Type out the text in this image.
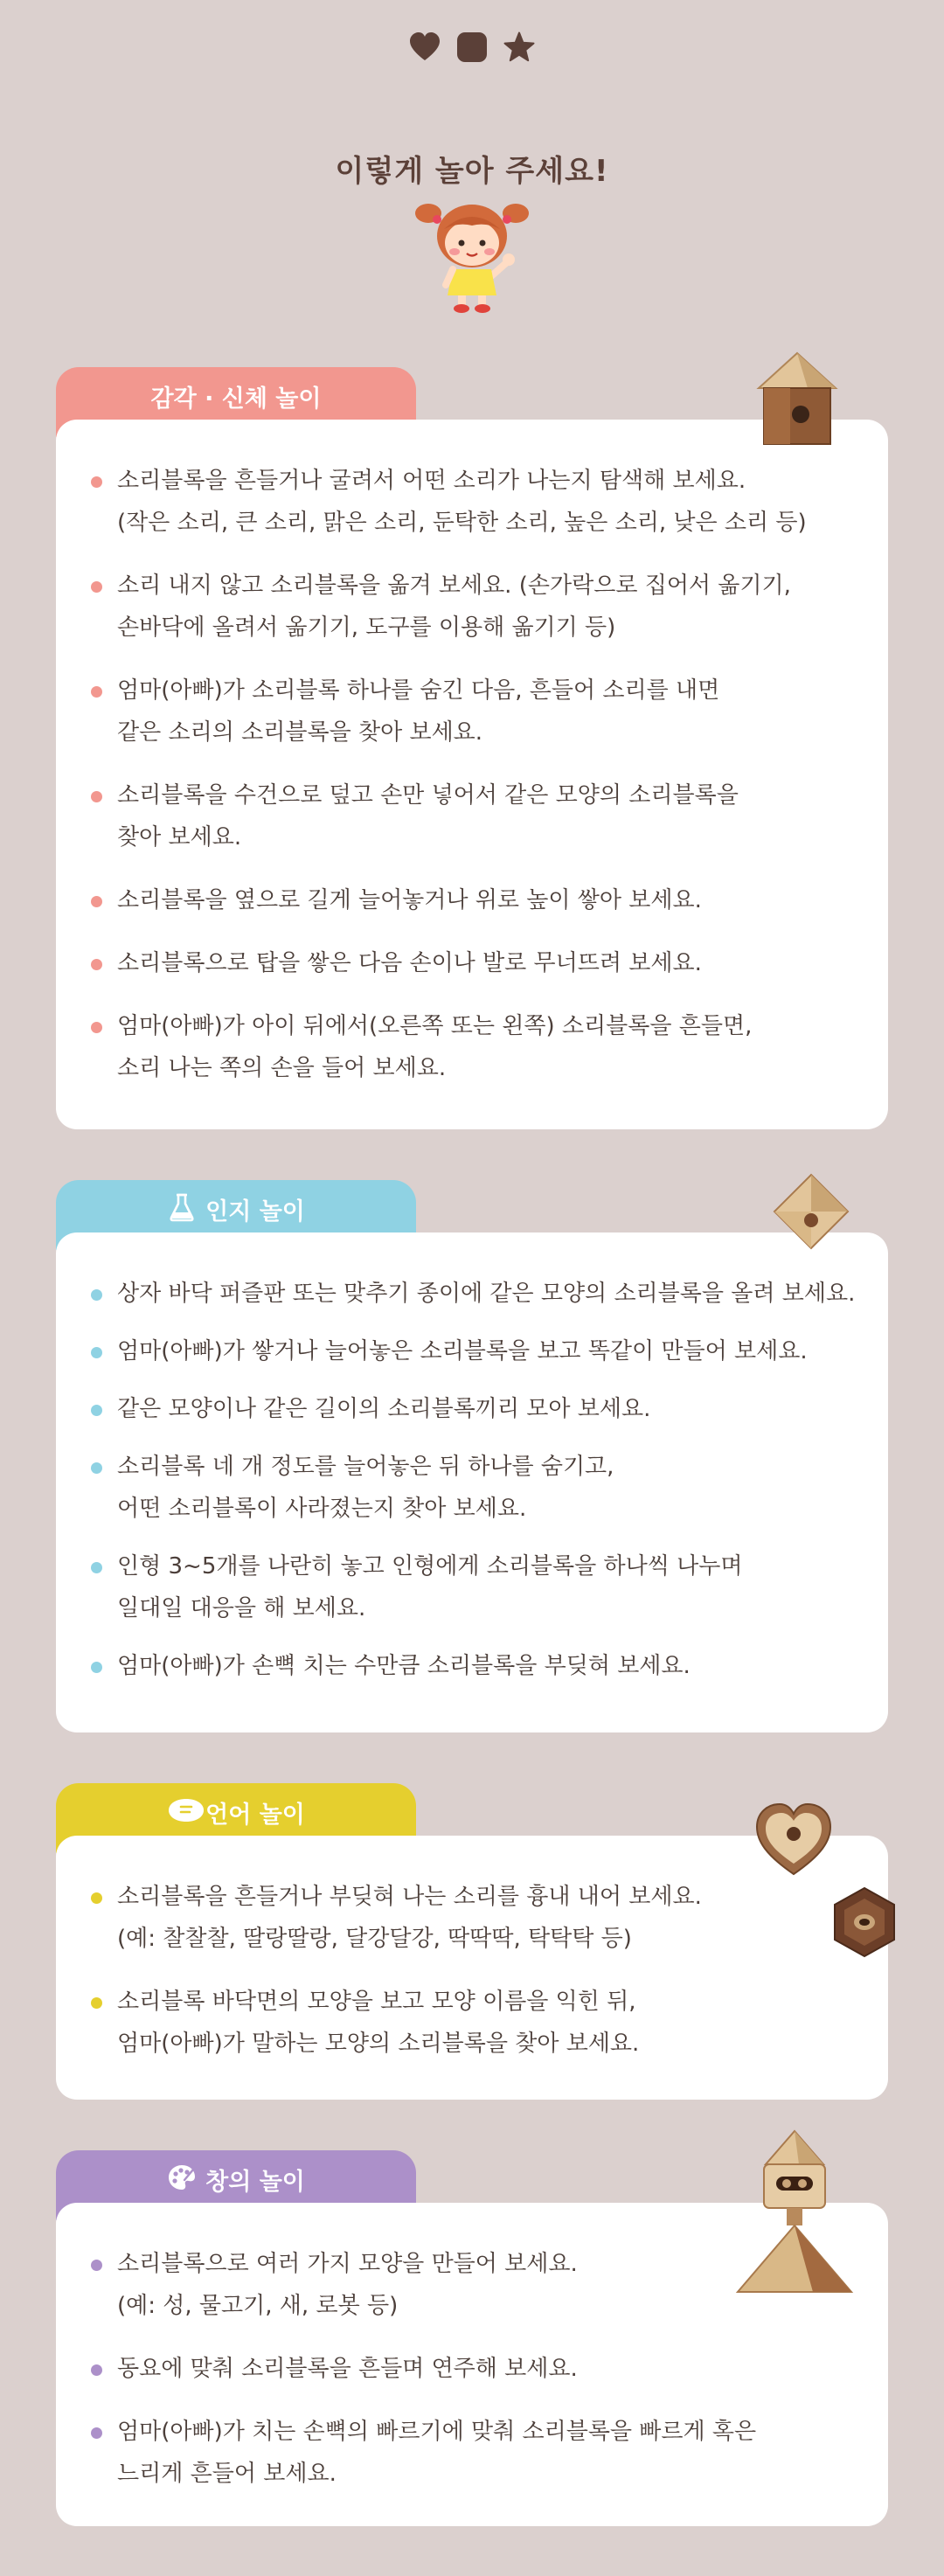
이렇게 놀아 주세요!
감각 · 신체 놀이
소리블록을 흔들거나 굴려서 어떤 소리가 나는지 탐색해 보세요.
(작은 소리, 큰 소리, 맑은 소리, 둔탁한 소리, 높은 소리, 낮은 소리 등)
소리 내지 않고 소리블록을 옮겨 보세요. (손가락으로 집어서 옮기기,
손바닥에 올려서 옮기기, 도구를 이용해 옮기기 등)
엄마(아빠)가 소리블록 하나를 숨긴 다음, 흔들어 소리를 내면
같은 소리의 소리블록을 찾아 보세요.
소리블록을 수건으로 덮고 손만 넣어서 같은 모양의 소리블록을
찾아 보세요.
소리블록을 옆으로 길게 늘어놓거나 위로 높이 쌓아 보세요.
소리블록으로 탑을 쌓은 다음 손이나 발로 무너뜨려 보세요.
엄마(아빠)가 아이 뒤에서(오른쪽 또는 왼쪽) 소리블록을 흔들면,
소리 나는 쪽의 손을 들어 보세요.
인지 놀이
상자 바닥 퍼즐판 또는 맞추기 종이에 같은 모양의 소리블록을 올려 보세요.
엄마(아빠)가 쌓거나 늘어놓은 소리블록을 보고 똑같이 만들어 보세요.
같은 모양이나 같은 길이의 소리블록끼리 모아 보세요.
소리블록 네 개 정도를 늘어놓은 뒤 하나를 숨기고,
어떤 소리블록이 사라졌는지 찾아 보세요.
인형 3~5개를 나란히 놓고 인형에게 소리블록을 하나씩 나누며
일대일 대응을 해 보세요.
엄마(아빠)가 손뼉 치는 수만큼 소리블록을 부딪혀 보세요.
언어 놀이
소리블록을 흔들거나 부딪혀 나는 소리를 흉내 내어 보세요.
(예: 찰찰찰, 딸랑딸랑, 달강달강, 딱딱딱, 탁탁탁 등)
소리블록 바닥면의 모양을 보고 모양 이름을 익힌 뒤,
엄마(아빠)가 말하는 모양의 소리블록을 찾아 보세요.
창의 놀이
소리블록으로 여러 가지 모양을 만들어 보세요.
(예: 성, 물고기, 새, 로봇 등)
동요에 맞춰 소리블록을 흔들며 연주해 보세요.
엄마(아빠)가 치는 손뼉의 빠르기에 맞춰 소리블록을 빠르게 혹은
느리게 흔들어 보세요.
